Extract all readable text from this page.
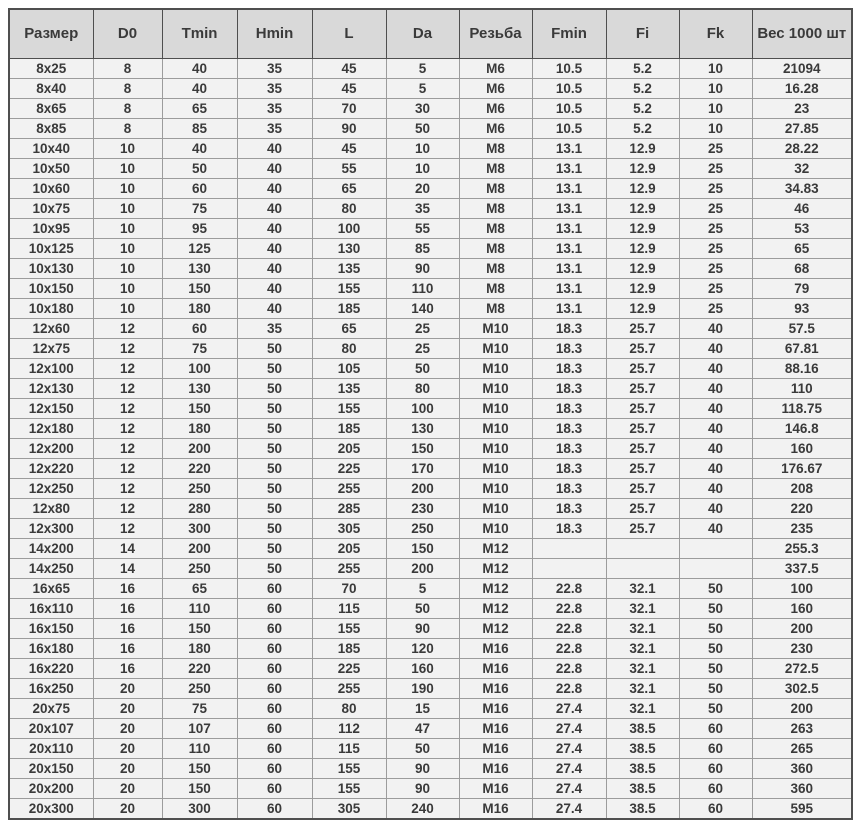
Размер	D0	Tmin	Hmin	L	Da	Резьба	Fmin	Fi	Fk	Вес 1000 шт
8x25	8	40	35	45	5	M6	10.5	5.2	10	21094
8x40	8	40	35	45	5	M6	10.5	5.2	10	16.28
8x65	8	65	35	70	30	M6	10.5	5.2	10	23
8x85	8	85	35	90	50	M6	10.5	5.2	10	27.85
10x40	10	40	40	45	10	M8	13.1	12.9	25	28.22
10x50	10	50	40	55	10	M8	13.1	12.9	25	32
10x60	10	60	40	65	20	M8	13.1	12.9	25	34.83
10x75	10	75	40	80	35	M8	13.1	12.9	25	46
10x95	10	95	40	100	55	M8	13.1	12.9	25	53
10x125	10	125	40	130	85	M8	13.1	12.9	25	65
10x130	10	130	40	135	90	M8	13.1	12.9	25	68
10x150	10	150	40	155	110	M8	13.1	12.9	25	79
10x180	10	180	40	185	140	M8	13.1	12.9	25	93
12x60	12	60	35	65	25	M10	18.3	25.7	40	57.5
12x75	12	75	50	80	25	M10	18.3	25.7	40	67.81
12x100	12	100	50	105	50	M10	18.3	25.7	40	88.16
12x130	12	130	50	135	80	M10	18.3	25.7	40	110
12x150	12	150	50	155	100	M10	18.3	25.7	40	118.75
12x180	12	180	50	185	130	M10	18.3	25.7	40	146.8
12x200	12	200	50	205	150	M10	18.3	25.7	40	160
12x220	12	220	50	225	170	M10	18.3	25.7	40	176.67
12x250	12	250	50	255	200	M10	18.3	25.7	40	208
12x80	12	280	50	285	230	M10	18.3	25.7	40	220
12x300	12	300	50	305	250	M10	18.3	25.7	40	235
14x200	14	200	50	205	150	M12				255.3
14x250	14	250	50	255	200	M12				337.5
16x65	16	65	60	70	5	M12	22.8	32.1	50	100
16x110	16	110	60	115	50	M12	22.8	32.1	50	160
16x150	16	150	60	155	90	M12	22.8	32.1	50	200
16x180	16	180	60	185	120	M16	22.8	32.1	50	230
16x220	16	220	60	225	160	M16	22.8	32.1	50	272.5
16x250	20	250	60	255	190	M16	22.8	32.1	50	302.5
20x75	20	75	60	80	15	M16	27.4	32.1	50	200
20x107	20	107	60	112	47	M16	27.4	38.5	60	263
20x110	20	110	60	115	50	M16	27.4	38.5	60	265
20x150	20	150	60	155	90	M16	27.4	38.5	60	360
20x200	20	150	60	155	90	M16	27.4	38.5	60	360
20x300	20	300	60	305	240	M16	27.4	38.5	60	595
